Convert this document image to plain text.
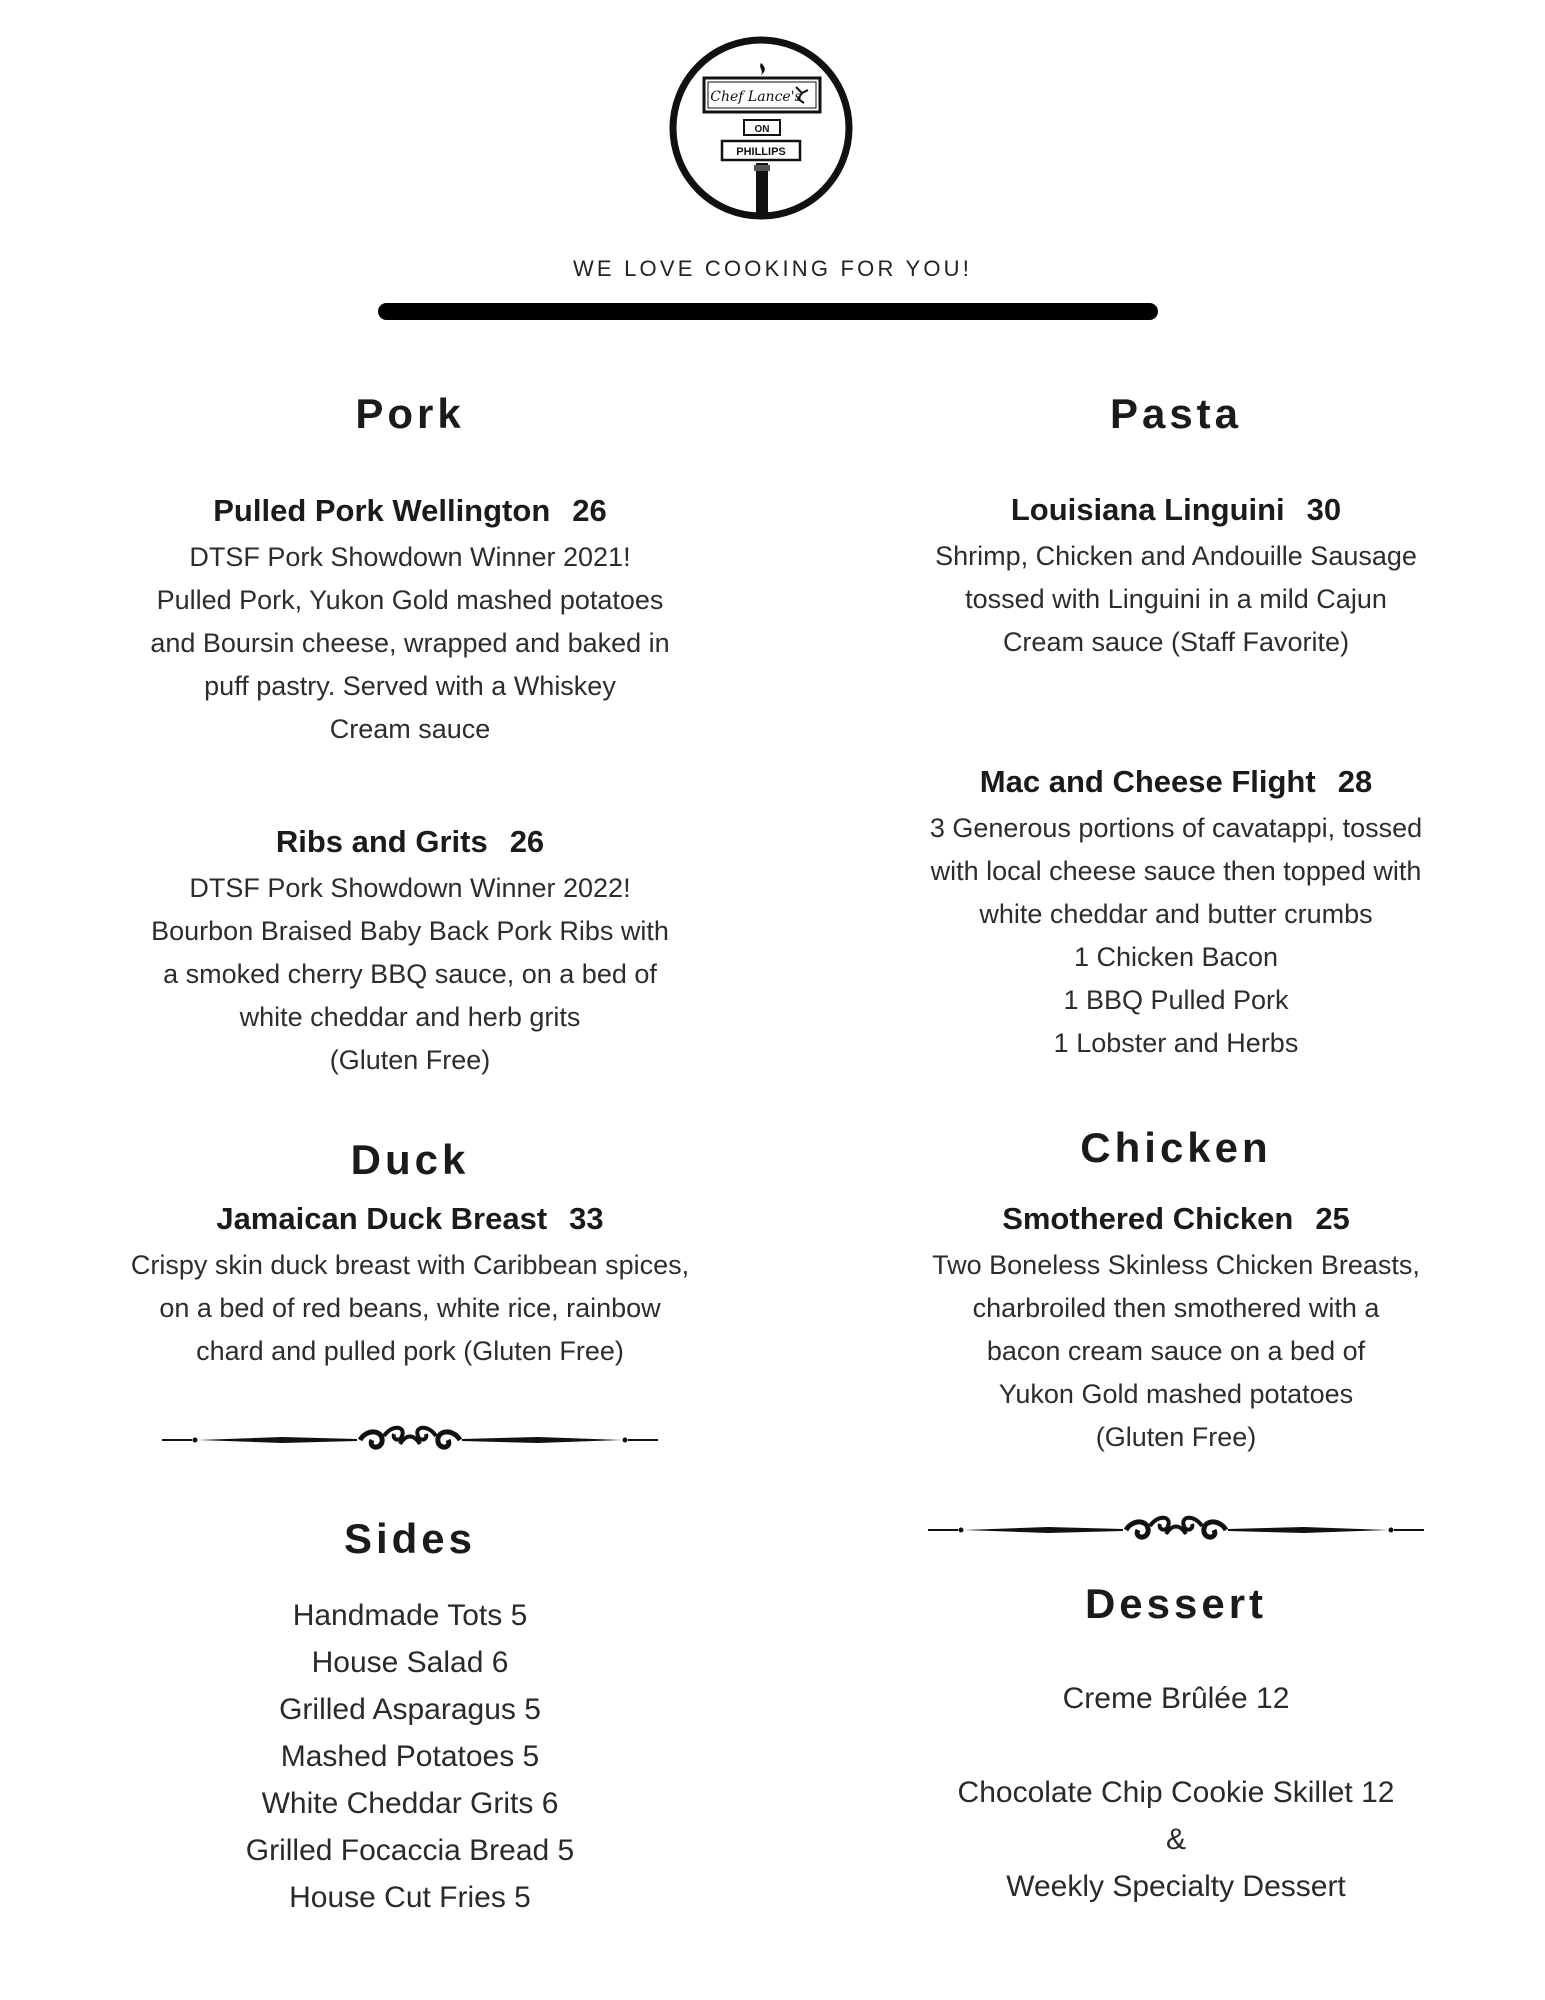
Chef Lance's
ON
PHILLIPS
WE LOVE COOKING FOR YOU!
Pork
Pulled Pork Wellington 26
DTSF Pork Showdown Winner 2021!
Pulled Pork, Yukon Gold mashed potatoes
and Boursin cheese, wrapped and baked in
puff pastry. Served with a Whiskey
Cream sauce
Ribs and Grits 26
DTSF Pork Showdown Winner 2022!
Bourbon Braised Baby Back Pork Ribs with
a smoked cherry BBQ sauce, on a bed of
white cheddar and herb grits
(Gluten Free)
Duck
Jamaican Duck Breast 33
Crispy skin duck breast with Caribbean spices,
on a bed of red beans, white rice, rainbow
chard and pulled pork (Gluten Free)
Sides
Handmade Tots 5
House Salad 6
Grilled Asparagus 5
Mashed Potatoes 5
White Cheddar Grits 6
Grilled Focaccia Bread 5
House Cut Fries 5
Pasta
Louisiana Linguini 30
Shrimp, Chicken and Andouille Sausage
tossed with Linguini in a mild Cajun
Cream sauce (Staff Favorite)
Mac and Cheese Flight 28
3 Generous portions of cavatappi, tossed
with local cheese sauce then topped with
white cheddar and butter crumbs
1 Chicken Bacon
1 BBQ Pulled Pork
1 Lobster and Herbs
Chicken
Smothered Chicken 25
Two Boneless Skinless Chicken Breasts,
charbroiled then smothered with a
bacon cream sauce on a bed of
Yukon Gold mashed potatoes
(Gluten Free)
Dessert
Creme Brûlée 12
Chocolate Chip Cookie Skillet 12
&
Weekly Specialty Dessert
